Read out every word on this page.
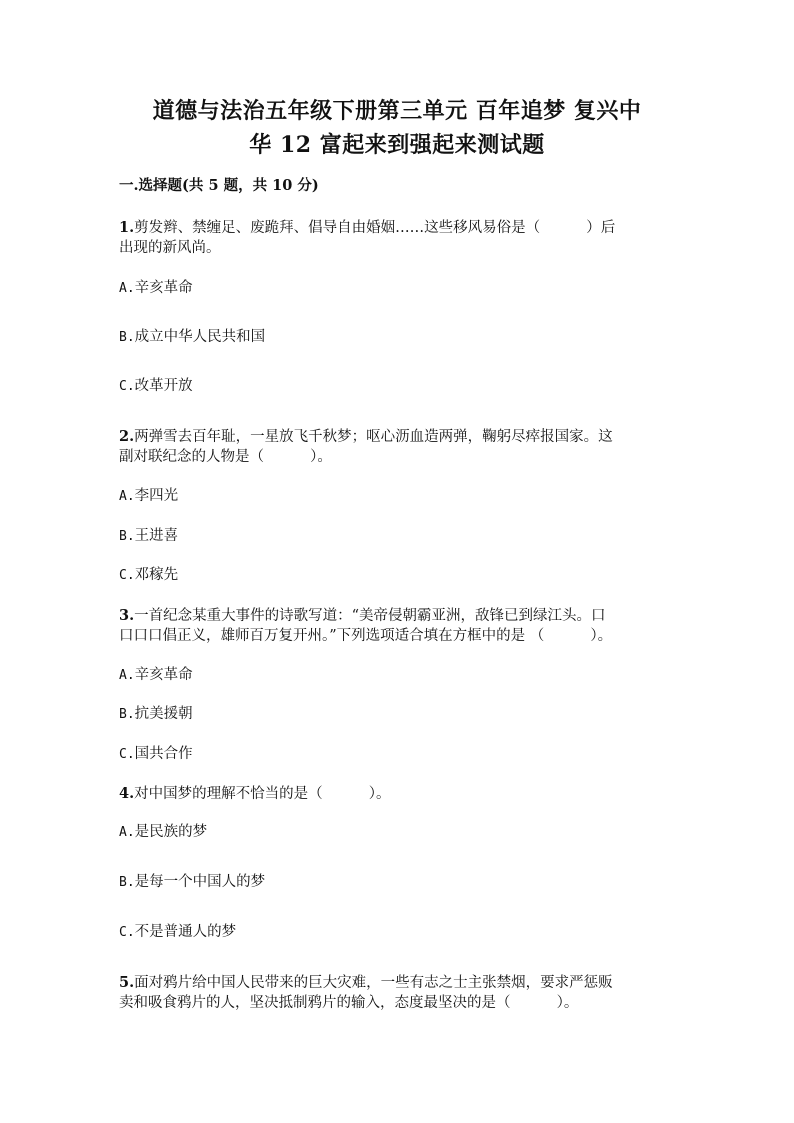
道德与法治五年级下册第三单元 百年追梦 复兴中
华 12 富起来到强起来测试题
一.选择题(共 5 题，共 10 分)
1.剪发辫、禁缠足、废跪拜、倡导自由婚姻……这些移风易俗是（          ）后
出现的新风尚。
A.辛亥革命
B.成立中华人民共和国
C.改革开放
2.两弹雪去百年耻，一星放飞千秋梦；呕心沥血造两弹，鞠躬尽瘁报国家。这
副对联纪念的人物是（          ）。
A.李四光
B.王进喜
C.邓稼先
3.一首纪念某重大事件的诗歌写道：“美帝侵朝霸亚洲，敌锋已到绿江头。口
口口口倡正义，雄师百万复开州。”下列选项适合填在方框中的是 （          ）。
A.辛亥革命
B.抗美援朝
C.国共合作
4.对中国梦的理解不恰当的是（          ）。
A.是民族的梦
B.是每一个中国人的梦
C.不是普通人的梦
5.面对鸦片给中国人民带来的巨大灾难，一些有志之士主张禁烟，要求严惩贩
卖和吸食鸦片的人，坚决抵制鸦片的输入，态度最坚决的是（          ）。
